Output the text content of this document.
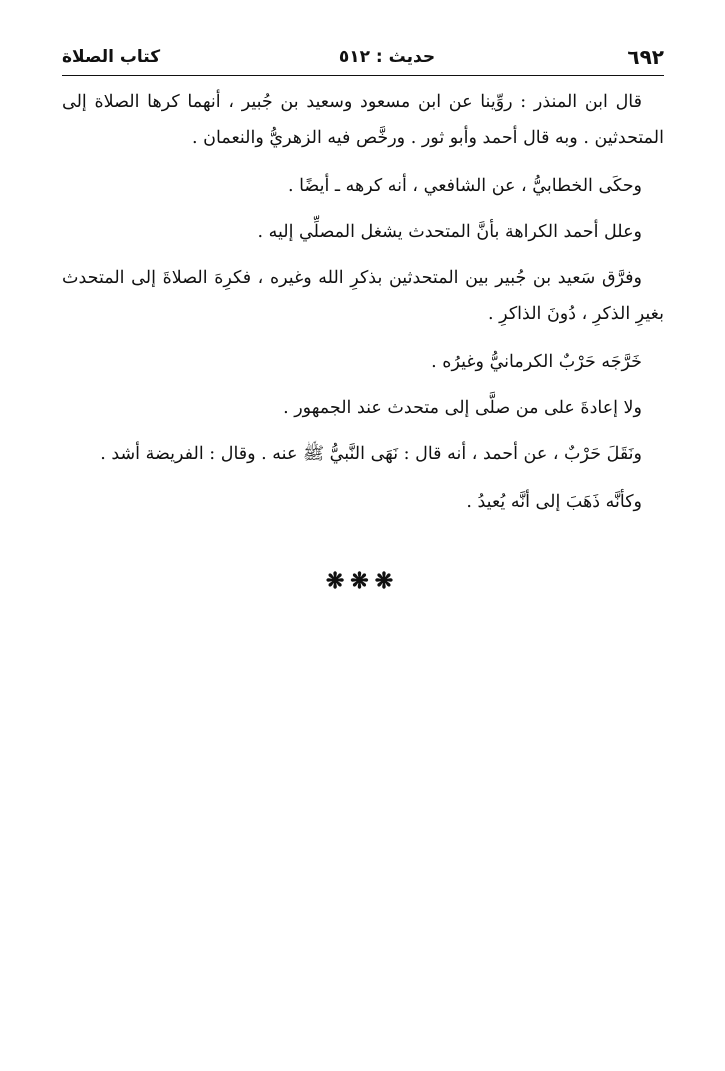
٦٩٢
حديث : ٥١٢
كتاب الصلاة

قال ابن المنذر : روِّينا عن ابن مسعود وسعيد بن جُبير ، أنهما كرها الصلاة إلى المتحدثين . وبه قال أحمد وأبو ثور . ورخَّص فيه الزهريُّ والنعمان .

وحكَى الخطابيُّ ، عن الشافعي ، أنه كرهه ـ أيضًا .

وعلل أحمد الكراهة بأنَّ المتحدث يشغل المصلِّي إليه .

وفرَّق سَعيد بن جُبير بين المتحدثين بذكرِ الله وغيره ، فكرِهَ الصلاةَ إلى المتحدث بغيرِ الذكرِ ، دُونَ الذاكرِ .

خَرَّجَه حَرْبٌ الكرمانيُّ وغيرُه .

ولا إعادةَ على من صلَّى إلى متحدث عند الجمهور .

ونَقَلَ حَرْبٌ ، عن أحمد ، أنه قال : نَهَى النَّبيُّ ﷺ عنه . وقال : الفريضة أشد .

وكأنَّه ذَهَبَ إلى أنَّه يُعيدُ .

❋❋❋
